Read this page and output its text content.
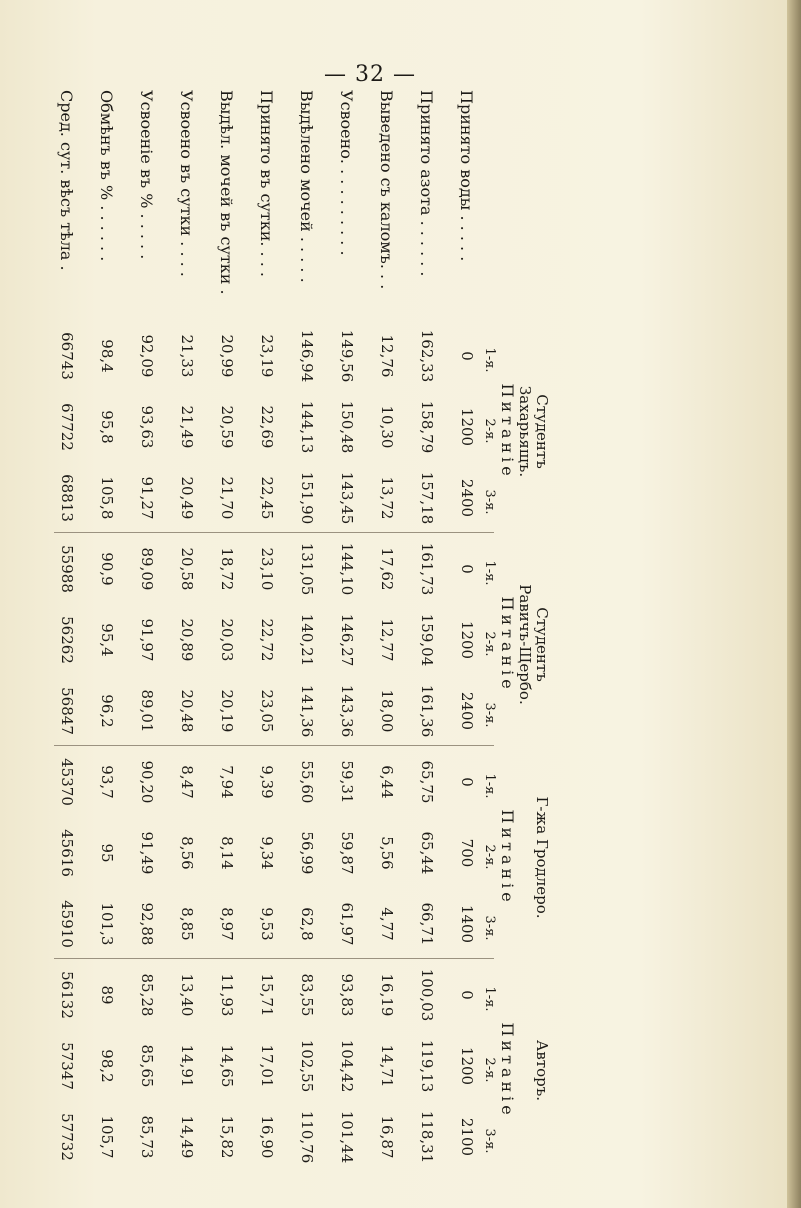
— 32 —
Студентъ
Захарьящъ.
Питаніе
1-я.
2-я.
3-я.
Студентъ
Равичъ-Щербо.
Питаніе
1-я.
2-я.
3-я.
Г-жа Гродлеро.
Питаніе
1-я.
2-я.
3-я.
Авторъ.
Питаніе
1-я.
2-я.
3-я.
Принято воды . . . . .
0
1200
2400
0
1200
2400
0
700
1400
0
1200
2100
Принято азота . . . . . .
162,33
158,79
157,18
161,73
159,04
161,36
65,75
65,44
66,71
100,03
119,13
118,31
Выведено съ каломъ. . .
12,76
10,30
13,72
17,62
12,77
18,00
6,44
5,56
4,77
16,19
14,71
16,87
Усвоено. . . . . . . . . .
149,56
150,48
143,45
144,10
146,27
143,36
59,31
59,87
61,97
93,83
104,42
101,44
Выдѣлено мочей . . . . .
146,94
144,13
151,90
131,05
140,21
141,36
55,60
56,99
62,8
83,55
102,55
110,76
Принято въ сутки. . . .
23,19
22,69
22,45
23,10
22,72
23,05
9,39
9,34
9,53
15,71
17,01
16,90
Выдѣл. мочей въ сутки .
20,99
20,59
21,70
18,72
20,03
20,19
7,94
8,14
8,97
11,93
14,65
15,82
Усвоено въ сутки . . . .
21,33
21,49
20,49
20,58
20,89
20,48
8,47
8,56
8,85
13,40
14,91
14,49
Усвоеніе въ % . . . . .
92,09
93,63
91,27
89,09
91,97
89,01
90,20
91,49
92,88
85,28
85,65
85,73
Обмѣнъ въ % . . . . . .
98,4
95,8
105,8
90,9
95,4
96,2
93,7
95
101,3
89
98,2
105,7
Сред. сут. вѣсъ тѣла .
66743
67722
68813
55988
56262
56847
45370
45616
45910
56132
57347
57732
